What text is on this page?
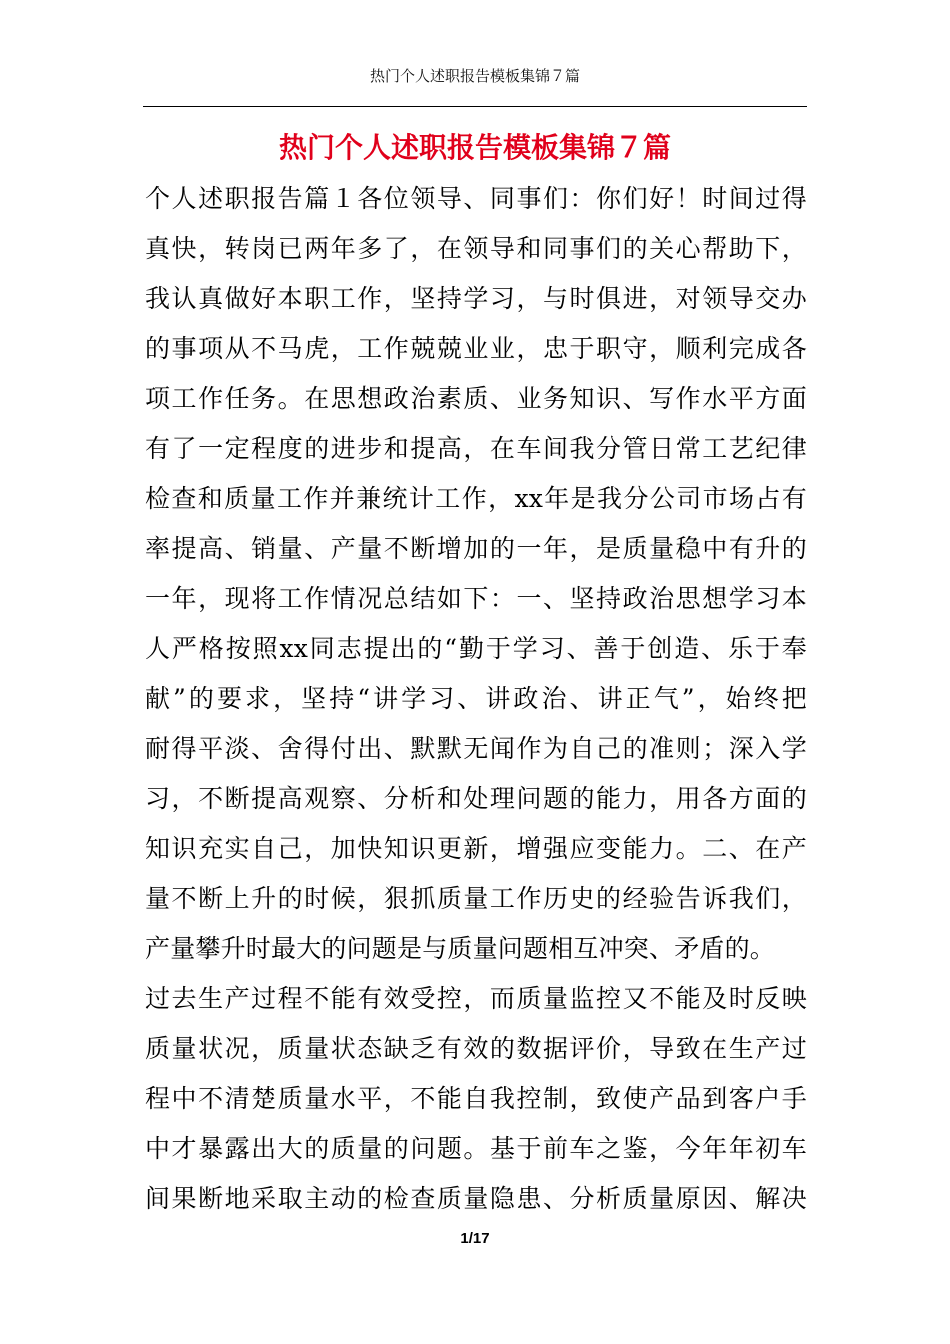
热门个人述职报告模板集锦７篇
热门个人述职报告模板集锦７篇
个人述职报告篇１各位领导、同事们：你们好！时间过得
真快，转岗已两年多了，在领导和同事们的关心帮助下，
我认真做好本职工作，坚持学习，与时俱进，对领导交办
的事项从不马虎，工作兢兢业业，忠于职守，顺利完成各
项工作任务。在思想政治素质、业务知识、写作水平方面
有了一定程度的进步和提高，在车间我分管日常工艺纪律
检查和质量工作并兼统计工作，xx年是我分公司市场占有
率提高、销量、产量不断增加的一年，是质量稳中有升的
一年，现将工作情况总结如下：一、坚持政治思想学习本
人严格按照xx同志提出的“勤于学习、善于创造、乐于奉
献”的要求，坚持“讲学习、讲政治、讲正气”，始终把
耐得平淡、舍得付出、默默无闻作为自己的准则；深入学
习，不断提高观察、分析和处理问题的能力，用各方面的
知识充实自己，加快知识更新，增强应变能力。二、在产
量不断上升的时候，狠抓质量工作历史的经验告诉我们，
产量攀升时最大的问题是与质量问题相互冲突、矛盾的。
过去生产过程不能有效受控，而质量监控又不能及时反映
质量状况，质量状态缺乏有效的数据评价，导致在生产过
程中不清楚质量水平，不能自我控制，致使产品到客户手
中才暴露出大的质量的问题。基于前车之鉴，今年年初车
间果断地采取主动的检查质量隐患、分析质量原因、解决
1/17
